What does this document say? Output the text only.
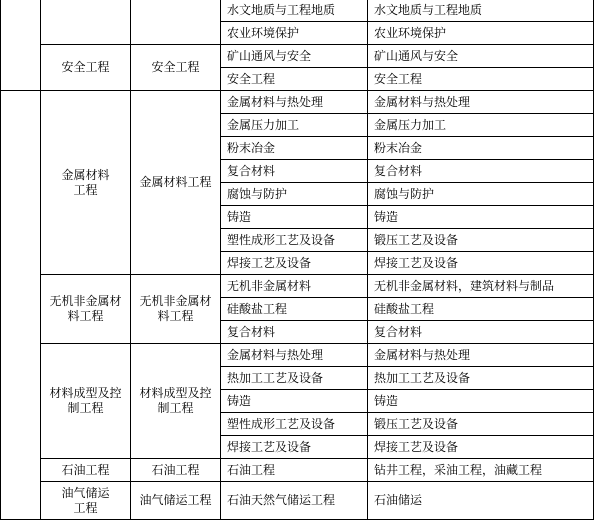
			水文地质与工程地质	水文地质与工程地质
			农业环境保护	农业环境保护
	安全工程	安全工程	矿山通风与安全	矿山通风与安全
			安全工程	安全工程
	金属材料工程	金属材料工程	金属材料与热处理	金属材料与热处理
			金属压力加工	金属压力加工
			粉末冶金	粉末冶金
			复合材料	复合材料
			腐蚀与防护	腐蚀与防护
			铸造	铸造
			塑性成形工艺及设备	锻压工艺及设备
			焊接工艺及设备	焊接工艺及设备
	无机非金属材料工程	无机非金属材料工程	无机非金属材料	无机非金属材料，建筑材料与制品
			硅酸盐工程	硅酸盐工程
			复合材料	复合材料
	材料成型及控制工程	材料成型及控制工程	金属材料与热处理	金属材料与热处理
			热加工工艺及设备	热加工工艺及设备
			铸造	铸造
			塑性成形工艺及设备	锻压工艺及设备
			焊接工艺及设备	焊接工艺及设备
	石油工程	石油工程	石油工程	钻井工程，采油工程，油藏工程
	油气储运工程	油气储运工程	石油天然气储运工程	石油储运
